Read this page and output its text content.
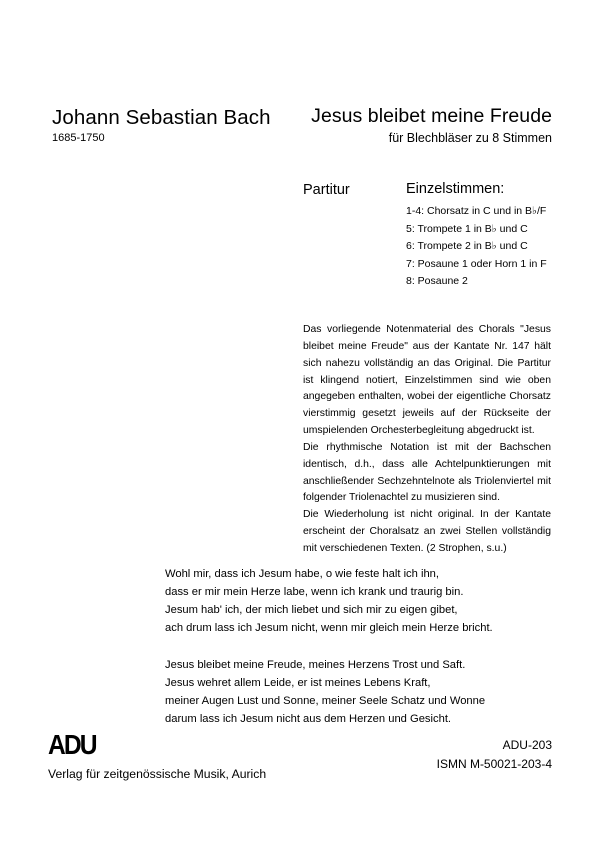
Johann Sebastian Bach
1685-1750
Jesus bleibet meine Freude
für Blechbläser zu 8 Stimmen
Partitur	Einzelstimmen:
1-4: Chorsatz in C und in B♭/F
5: Trompete 1 in B♭ und C
6: Trompete 2 in B♭ und C
7: Posaune 1 oder Horn 1 in F
8: Posaune 2

Das vorliegende Notenmaterial des Chorals "Jesus bleibet meine Freude" aus der Kantate Nr. 147 hält sich nahezu vollständig an das Original. Die Partitur ist klingend notiert, Einzelstimmen sind wie oben angegeben enthalten, wobei der eigentliche Chorsatz vierstimmig gesetzt jeweils auf der Rückseite der umspielenden Orchesterbegleitung abgedruckt ist.

Die rhythmische Notation ist mit der Bachschen identisch, d.h., dass alle Achtelpunktierungen mit anschließender Sechzehntelnote als Triolenviertel mit folgender Triolenachtel zu musizieren sind.

Die Wiederholung ist nicht original. In der Kantate erscheint der Choralsatz an zwei Stellen vollständig mit verschiedenen Texten. (2 Strophen, s.u.)

Wohl mir, dass ich Jesum habe, o wie feste halt ich ihn,
dass er mir mein Herze labe, wenn ich krank und traurig bin.
Jesum hab' ich, der mich liebet und sich mir zu eigen gibet,
ach drum lass ich Jesum nicht, wenn mir gleich mein Herze bricht.
Jesus bleibet meine Freude, meines Herzens Trost und Saft.
Jesus wehret allem Leide, er ist meines Lebens Kraft,
meiner Augen Lust und Sonne, meiner Seele Schatz und Wonne
darum lass ich Jesum nicht aus dem Herzen und Gesicht.
ADU
Verlag für zeitgenössische Musik, Aurich
ADU-203
ISMN M-50021-203-4
